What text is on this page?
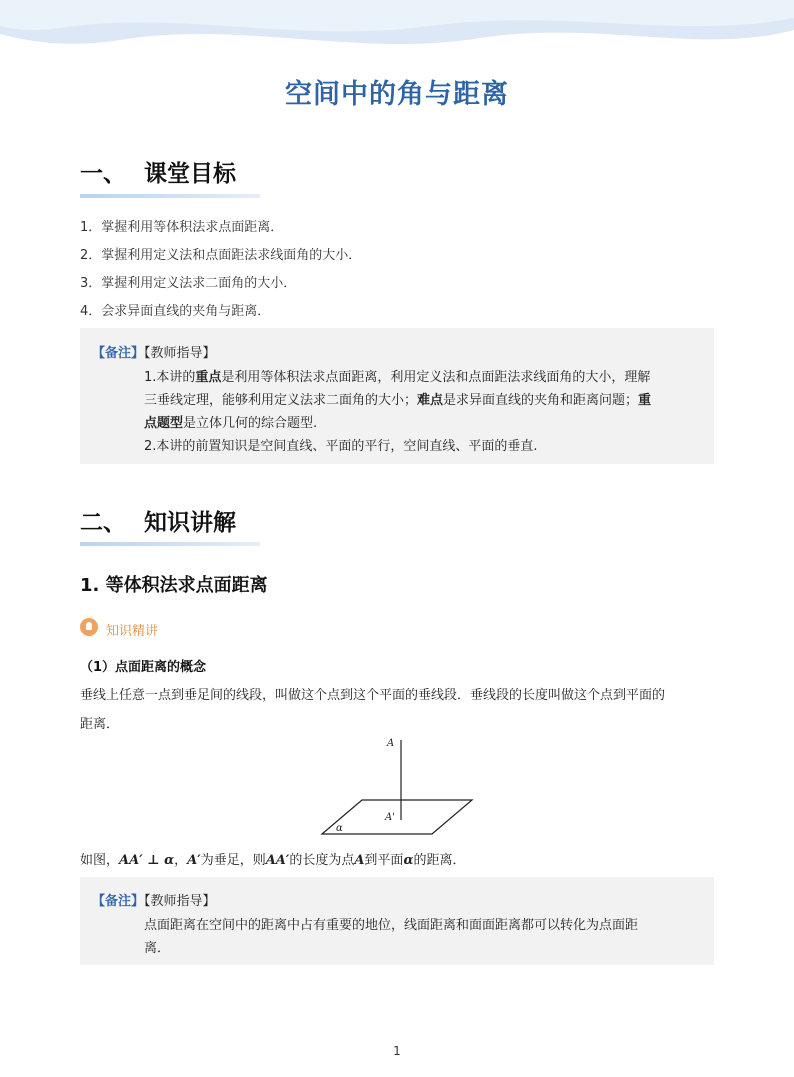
空间中的角与距离
一、 课堂目标
1．掌握利用等体积法求点面距离．
2．掌握利用定义法和点面距法求线面角的大小．
3．掌握利用定义法求二面角的大小．
4．会求异面直线的夹角与距离．
【备注】【教师指导】
1.本讲的重点是利用等体积法求点面距离，利用定义法和点面距法求线面角的大小，理解
三垂线定理，能够利用定义法求二面角的大小；难点是求异面直线的夹角和距离问题；重
点题型是立体几何的综合题型.
2.本讲的前置知识是空间直线、平面的平行，空间直线、平面的垂直.
二、 知识讲解
1. 等体积法求点面距离
知识精讲
（1）点面距离的概念
垂线上任意一点到垂足间的线段，叫做这个点到这个平面的垂线段．垂线段的长度叫做这个点到平面的
距离．
A
A'
α
如图，AA′ ⊥ α，A′为垂足，则AA′的长度为点A到平面α的距离．
【备注】【教师指导】
点面距离在空间中的距离中占有重要的地位，线面距离和面面距离都可以转化为点面距
离．
1
